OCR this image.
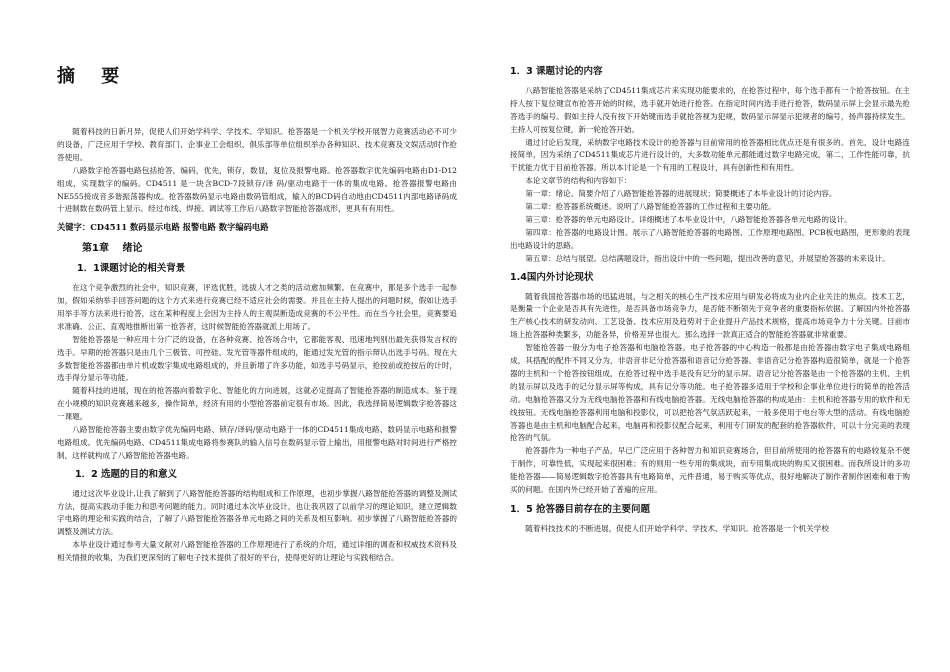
摘 要

随着科技的日新月异，促使人们开始学科学、学技术、学知识。抢答器是一个机关学校开展智力竞赛活动必不可少的设备，广泛应用于学校、教育部门、企事业工会组织、俱乐部等单位组织举办各种知识、技术竞赛及文娱活动时作抢答使用。

八路数字抢答器电路包括抢答，编码，优先，锁存，数显，复位及报警电路。抢答器数字优先编码电路由D1-D12组成，实现数字的编码。CD4511 是一块含BCD-7段锁存/译 码/驱动电路于一体的集成电路。抢答器报警电路由NE555接成音多谐振荡器构成。抢答器数码显示电路由数码管组成，输入的BCD码自动地由CD4511内部电路译码成十进制数在数码管上显示。经过布线、焊接、调试等工作后八路数字智能抢答器成形，更具有有用性。

关键字：CD4511 数码显示电路 报警电路 数字编码电路
第1章　 绪论
1．1课题讨论的相关背景

在这个竞争激烈的社会中，知识竞赛，评选优胜，选拔人才之类的活动愈加频繁。在竞赛中，都是多个选手一起参加，假如采纳举手回答问题的这个方式来进行竞赛已经不适应社会的需要。并且在主持人提出的问题时候，假如让选手用举手等方法来进行抢答，这在某种程度上会因为主持人的主观误断造成竞赛的不公平性。而在当今社会里，竞赛要追求准确、公正、直观地推断出第一抢答者，这时候智能抢答器就派上用场了。

智能抢答器是一种应用十分广泛的设备，在各种竞赛、抢答场合中，它都能客观、迅速地判别出最先获得发言权的选手。早期的抢答器只是由几个三极管、可控硅、发光管等器件组成的，能通过发光管的指示辩认出选手号码。现在大多数智能抢答器都由单片机或数字集成电路组成的，并且新增了许多功能，如选手号码显示，抢按前或抢按后的计时，选手得分显示等功能。

随着科技的进展，现在的抢答器向着数字化、智能化的方向进展，这就必定提高了智能抢答器的制造成本。鉴于现在小规模的知识竞赛越来越多，操作简单，经济有用的小型抢答器前定很有市场。因此，我选择简易逻辑数字抢答器这一课题。

八路智能抢答器主要由数字优先编码电路、锁存/译码/驱动电路于一体的CD4511集成电路、数码显示电路和报警电路组成。优先编码电路、CD4511集成电路将参赛队的输入信号在数码显示管上输出，用报警电路对时间进行严格控制，这样就构成了八路智能抢答器电路。

1．2 选题的目的和意义

通过这次毕业设计,让我了解到了八路智能抢答器的结构组成和工作原理，也初步掌握八路智能抢答器的调整及测试方法，提高实践动手能力和思考问题的能力。同时通过本次毕业设计，也让我巩固了以前学习的理论知识，建立逻辑数字电路的理论和实践的结合，了解了八路智能抢答器各单元电路之间的关系及相互影响。初步掌握了八路智能抢答器的调整及测试方法。

本毕业设计通过参考大量文献对八路智能抢答器的工作原理进行了系统的介绍，通过详细的调查和权威技术资料及相关情报的收集，为我们更深刻的了解电子技术提供了很好的平台，使得更好的让理论与实践相结合。

1．3 课题讨论的内容

八路智能抢答器是采纳了CD4511集成芯片来实现功能要求的，在抢答过程中，每个选手都有一个抢答按钮。在主持人按下复位键宣布抢答开始的时候，选手就开始进行抢答。在指定时间内选手进行抢答，数码显示屏上会显示最先抢答选手的编号。假如主持人没有按下开始键而选手就抢答视为犯规，数码显示屏显示犯规者的编号，扬声器持续发生。主持人可按复位键，新一轮抢答开始。

通过讨论后发现，采纳数字电路技术设计的抢答器与目前常用的抢答器相比优点还是有很多的。首先，设计电路连接简单，因为采纳了CD4511集成芯片进行设计的，大多数功能单元都能通过数字电路完成，第二，工作性能可靠，抗干扰能力优于目前抢答器。所以本讨论是一个有用的工程设计，具有创新性和有用性。

本论文章节的结构和内容如下：

第一章：绪论。简要介绍了八路智能抢答器的进展现状；简要概述了本毕业设计的讨论内容。

第二章：抢答器系统概述。说明了八路智能抢答器的工作过程和主要功能。

第三章：抢答器的单元电路设计。详细概述了本毕业设计中，八路智能抢答器各单元电路的设计。

第四章：抢答器的电路设计图。展示了八路智能抢答器的电路图、工作原理电路图、PCB板电路图，更形象的表现出电路设计的思路。

第五章：总结与展望。总结满题设计，指出设计中的一些问题，提出改善的意见，并展望抢答器的未来设计。

1.4国内外讨论现状

随着我国抢答器市场的迅猛进展，与之相关的核心生产技术应用与研发必将成为业内企业关注的焦点。技术工艺，是衡量一个企业是否具有先进性，是否具备市场竞争力，是否能不断领先于竞争者的重要指标依据。了解国内外抢答器生产核心技术的研发动向、工艺设备、技术应用及趋势对于企业提升产品技术规格，提高市场竞争力十分关键。目前市场上抢答器种类繁多，功能各异，价格差异也很大。那么选择一款真正适合的智能抢答器就非常重要。

智能抢答器一般分为电子抢答器和电脑抢答器。电子抢答器的中心构造一般都是由抢答器由数字电子集成电路组成，其搭配的配件不同又分为，非语音非记分抢答器和语音记分抢答器。非语音记分抢答器构造很简单，就是一个抢答器的主机和一个抢答按钮组成，在抢答过程中选手是没有记分的显示屏。语音记分抢答器是由一个抢答器的主机、主机的显示屏以及选手的记分显示屏等构成，具有记分等功能。电子抢答器多适用于学校和企事业单位进行的简单的抢答活动。电脑抢答器又分为无线电脑抢答器和有线电脑抢答器。无线电脑抢答器的构成是由：主机和抢答器专用的软件和无线按钮。无线电脑抢答器利用电脑和投影仪，可以把抢答气氛活跃起来，一般多使用于电台等大型的活动。有线电脑抢答器也是由主机和电脑配合起来，电脑再和投影仪配合起来，利用专门研发的配套的抢答器软件，可以十分完美的表现抢答的气氛。

抢答器作为一种电子产品，早已广泛应用于各种智力和知识竞赛场合，但目前所使用的抢答器有的电路较复杂不便于制作，可靠性低，实现起来很困难；有的则用一些专用的集成块，而专用集成块的购买又很困难。而我所设计的多功能抢答器——简易逻辑数字抢答器具有电路简单，元件普通，易于购买等优点，很好地解决了制作者制作困难和难于购买的问题。在国内外已经开始了普遍的应用。

1．5 抢答器目前存在的主要问题

随着科技技术的不断进展，促使人们开始学科学、学技术、学知识。抢答器是一个机关学校
